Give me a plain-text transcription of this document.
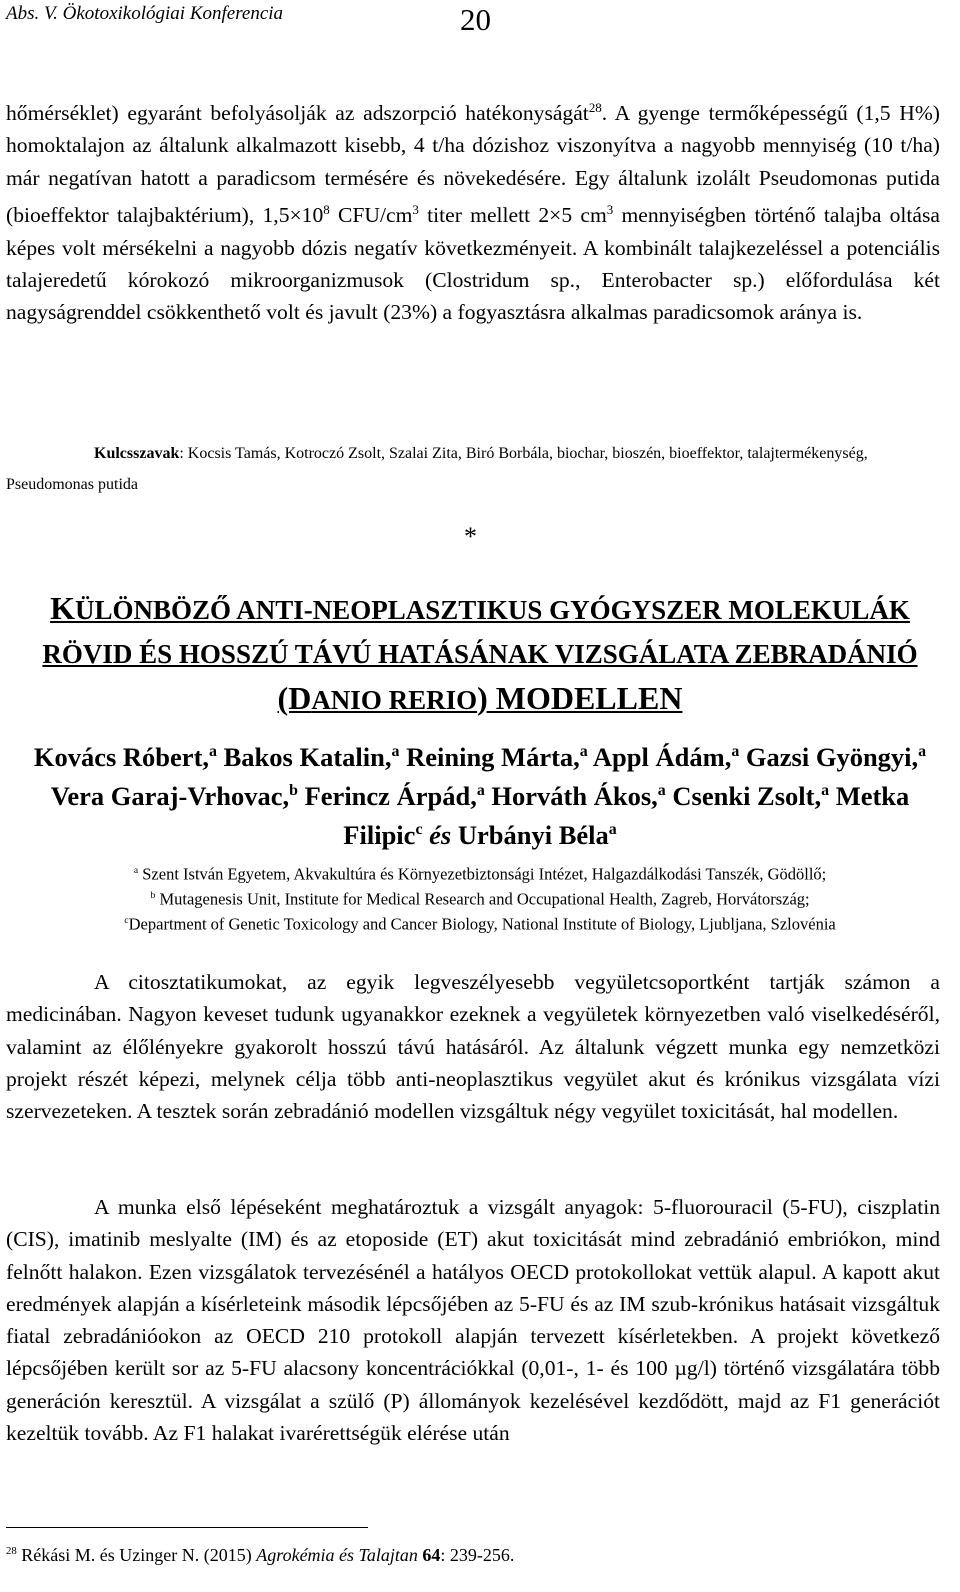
Abs. V. Ökotoxikológiai Konferencia	20

hőmérséklet) egyaránt befolyásolják az adszorpció hatékonyságát$^{28}$. A gyenge termőképességű (1,5 H%) homoktalajon az általunk alkalmazott kisebb, 4 t/ha dózishoz viszonyítva a nagyobb mennyiség (10 t/ha) már negatívan hatott a paradicsom termésére és növekedésére. Egy általunk izolált Pseudomonas putida (bioeffektor talajbaktérium), $1,5\times 10^8$ CFU/$cm^3$ titer mellett 2×5 $cm^3$ mennyiségben történő talajba oltása képes volt mérsékelni a nagyobb dózis negatív következményeit. A kombinált talajkezeléssel a potenciális talajeredetű kórokozó mikroorganizmusok (Clostridum sp., Enterobacter sp.) előfordulása két nagyságrenddel csökkenthető volt és javult (23%) a fogyasztásra alkalmas paradicsomok aránya is.

Kulcsszavak: Kocsis Tamás, Kotroczó Zsolt, Szalai Zita, Biró Borbála, biochar, bioszén, bioeffektor, talajtermékenység, Pseudomonas putida

*
KÜLÖNBÖZŐ ANTI-NEOPLASZTIKUS GYÓGYSZER MOLEKULÁK
RÖVID ÉS HOSSZÚ TÁVÚ HATÁSÁNAK VIZSGÁLATA ZEBRADÁNIÓ
(DANIO RERIO) MODELLEN
Kovács Róbert,$^a$ Bakos Katalin,$^a$ Reining Márta,$^a$ Appl Ádám,$^a$ Gazsi Gyöngyi,$^a$
Vera Garaj-Vrhovac,$^b$ Ferincz Árpád,$^a$ Horváth Ákos,$^a$ Csenki Zsolt,$^a$ Metka
Filipic$^c$ és Urbányi Béla$^a$

$^a$ Szent István Egyetem, Akvakultúra és Környezetbiztonsági Intézet, Halgazdálkodási Tanszék, Gödöllő;

$^b$ Mutagenesis Unit, Institute for Medical Research and Occupational Health, Zagreb, Horvátország;

$^c$Department of Genetic Toxicology and Cancer Biology, National Institute of Biology, Ljubljana, Szlovénia

A citosztatikumokat, az egyik legveszélyesebb vegyületcsoportként tartják számon a medicinában. Nagyon keveset tudunk ugyanakkor ezeknek a vegyületek környezetben való viselkedéséről, valamint az élőlényekre gyakorolt hosszú távú hatásáról. Az általunk végzett munka egy nemzetközi projekt részét képezi, melynek célja több anti-neoplasztikus vegyület akut és krónikus vizsgálata vízi szervezeteken. A tesztek során zebradánió modellen vizsgáltuk négy vegyület toxicitását, hal modellen.

A munka első lépéseként meghatároztuk a vizsgált anyagok: 5-fluorouracil (5-FU), ciszplatin (CIS), imatinib meslyalte (IM) és az etoposide (ET) akut toxicitását mind zebradánió embriókon, mind felnőtt halakon. Ezen vizsgálatok tervezésénél a hatályos OECD protokollokat vettük alapul. A kapott akut eredmények alapján a kísérleteink második lépcsőjében az 5-FU és az IM szub-krónikus hatásait vizsgáltuk fiatal zebradánióokon az OECD 210 protokoll alapján tervezett kísérletekben. A projekt következő lépcsőjében került sor az 5-FU alacsony koncentrációkkal (0,01-, 1- és 100 µg/l) történő vizsgálatára több generáción keresztül. A vizsgálat a szülő (P) állományok kezelésével kezdődött, majd az F1 generációt kezeltük tovább. Az F1 halakat ivarérettségük elérése után

$^{28}$ Rékási M. és Uzinger N. (2015) Agrokémia és Talajtan 64: 239-256.
